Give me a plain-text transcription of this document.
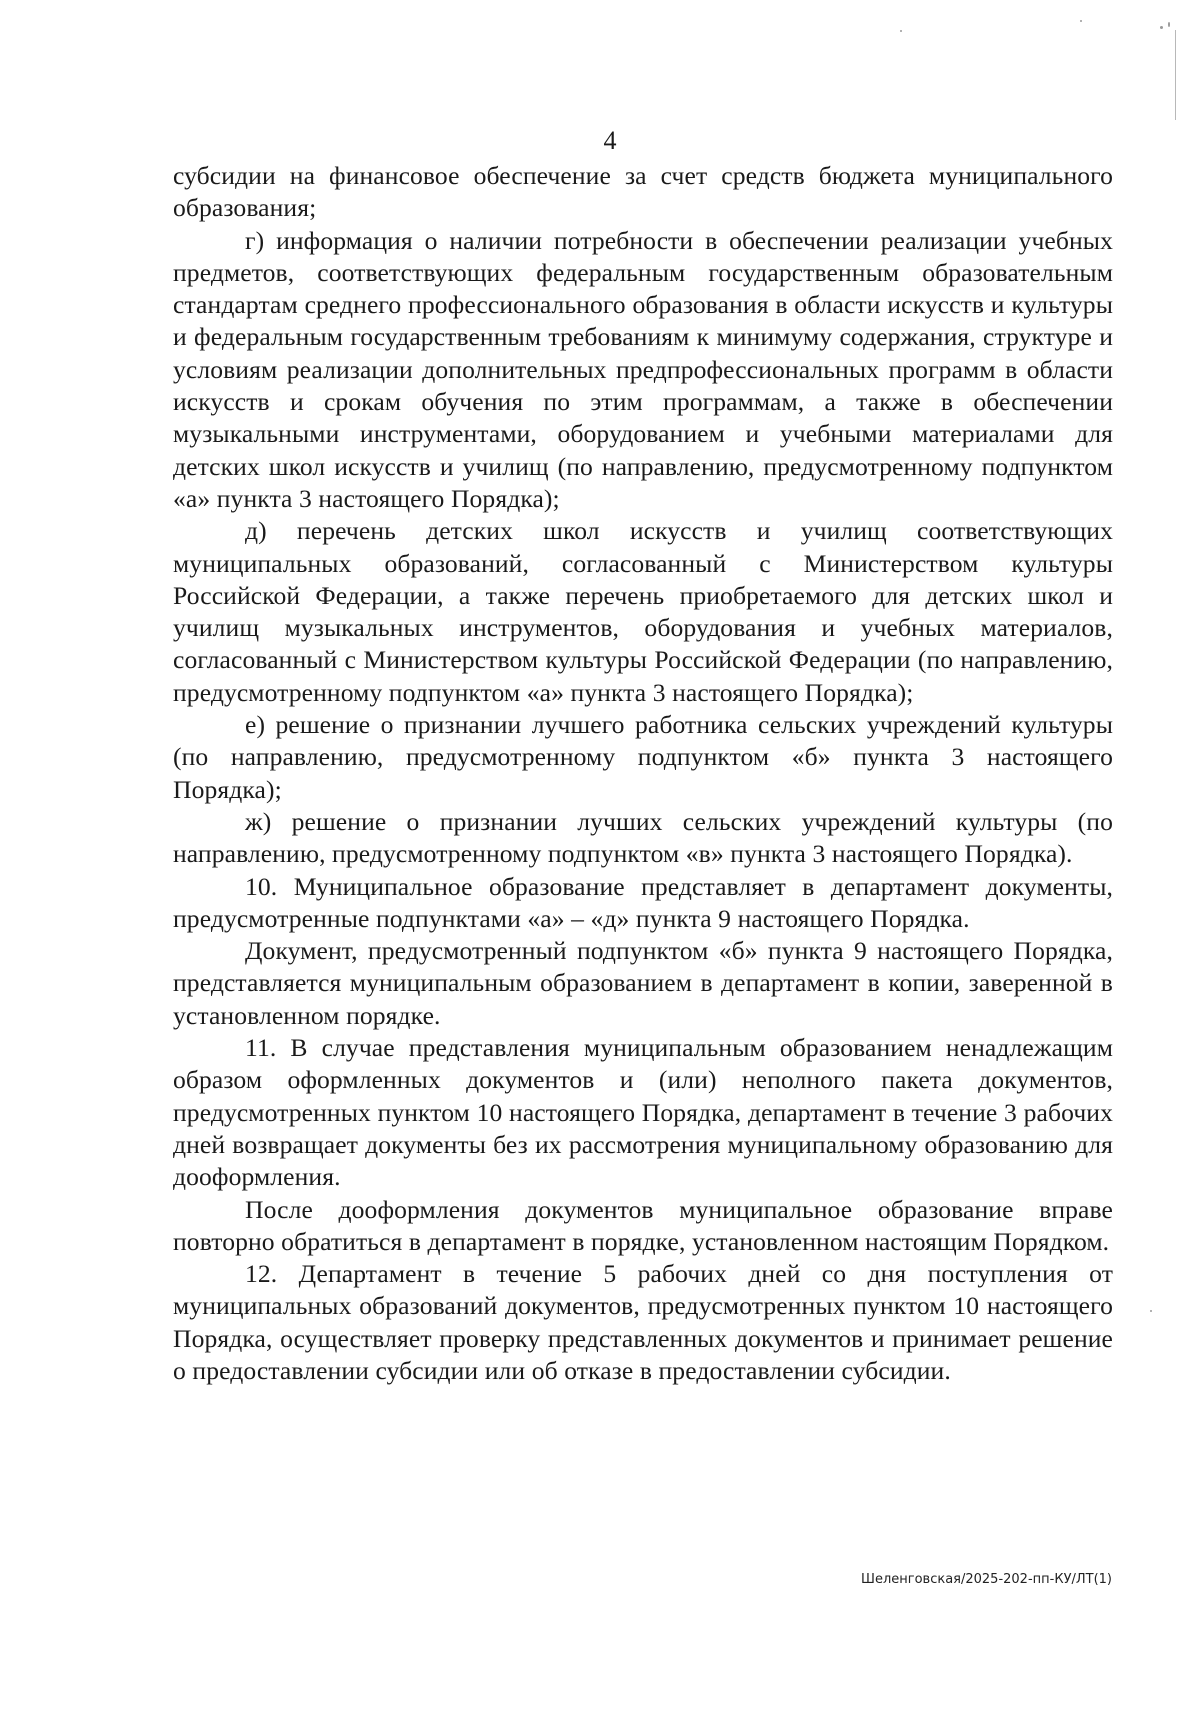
4

субсидии на финансовое обеспечение за счет средств бюджета муниципального образования;

г) информация о наличии потребности в обеспечении реализации учебных предметов, соответствующих федеральным государственным образовательным стандартам среднего профессионального образования в области искусств и культуры и федеральным государственным требованиям к минимуму содержания, структуре и условиям реализации дополнительных предпрофессиональных программ в области искусств и срокам обучения по этим программам, а также в обеспечении музыкальными инструментами, оборудованием и учебными материалами для детских школ искусств и училищ (по направлению, предусмотренному подпунктом «а» пункта 3 настоящего Порядка);

д) перечень детских школ искусств и училищ соответствующих муниципальных образований, согласованный с Министерством культуры Российской Федерации, а также перечень приобретаемого для детских школ и училищ музыкальных инструментов, оборудования и учебных материалов, согласованный с Министерством культуры Российской Федерации (по направлению, предусмотренному подпунктом «а» пункта 3 настоящего Порядка);

е) решение о признании лучшего работника сельских учреждений культуры (по направлению, предусмотренному подпунктом «б» пункта 3 настоящего Порядка);

ж) решение о признании лучших сельских учреждений культуры (по направлению, предусмотренному подпунктом «в» пункта 3 настоящего Порядка).

10. Муниципальное образование представляет в департамент документы, предусмотренные подпунктами «а» – «д» пункта 9 настоящего Порядка.

Документ, предусмотренный подпунктом «б» пункта 9 настоящего Порядка, представляется муниципальным образованием в департамент в копии, заверенной в установленном порядке.

11. В случае представления муниципальным образованием ненадлежащим образом оформленных документов и (или) неполного пакета документов, предусмотренных пунктом 10 настоящего Порядка, департамент в течение 3 рабочих дней возвращает документы без их рассмотрения муниципальному образованию для дооформления.

После дооформления документов муниципальное образование вправе повторно обратиться в департамент в порядке, установленном настоящим Порядком.

12. Департамент в течение 5 рабочих дней со дня поступления от муниципальных образований документов, предусмотренных пунктом 10 настоящего Порядка, осуществляет проверку представленных документов и принимает решение о предоставлении субсидии или об отказе в предоставлении субсидии.

Шеленговская/2025-202-пп-КУ/ЛТ(1)
